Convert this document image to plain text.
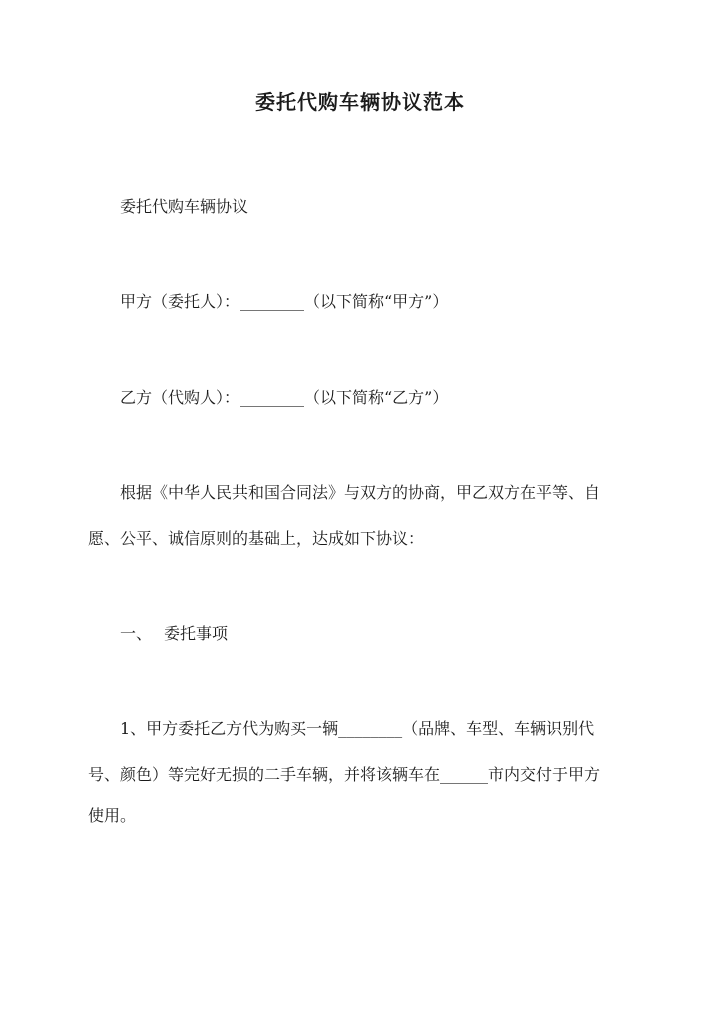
委托代购车辆协议范本
委托代购车辆协议
甲方（委托人）：________（以下简称“甲方”）
乙方（代购人）：________（以下简称“乙方”）
根据《中华人民共和国合同法》与双方的协商，甲乙双方在平等、自
愿、公平、诚信原则的基础上，达成如下协议：
一、 委托事项
1、甲方委托乙方代为购买一辆________（品牌、车型、车辆识别代
号、颜色）等完好无损的二手车辆，并将该辆车在______市内交付于甲方
使用。
